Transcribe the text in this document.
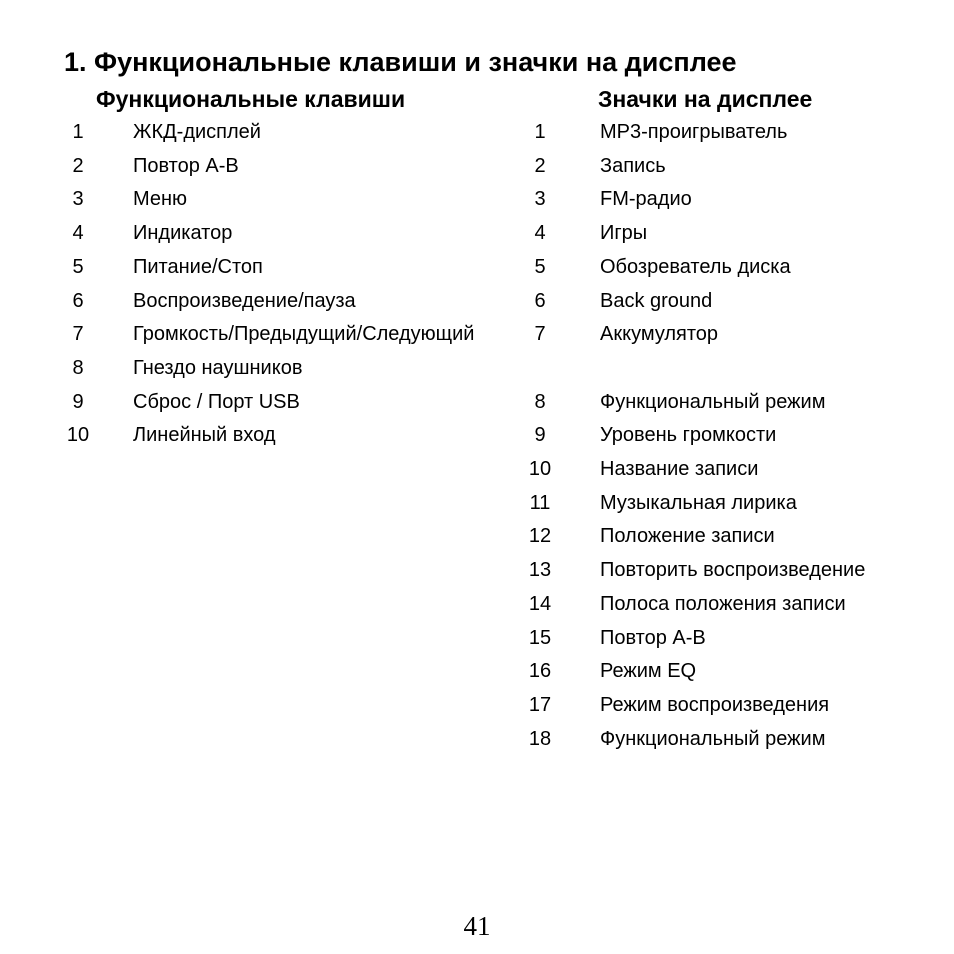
1. Функциональные клавиши и значки на дисплее
Функциональные клавиши	Значки на дисплее
1	ЖКД-дисплей
2	Повтор A-B
3	Меню
4	Индикатор
5	Питание/Стоп
6	Воспроизведение/пауза
7	Громкость/Предыдущий/Следующий
8	Гнездо наушников
9	Сброс / Порт USB
10	Линейный вход
1	MP3-проигрыватель
2	Запись
3	FM-радио
4	Игры
5	Обозреватель диска
6	Back ground
7	Аккумулятор
8	Функциональный режим
9	Уровень громкости
10	Название записи
11	Музыкальная лирика
12	Положение записи
13	Повторить воспроизведение
14	Полоса положения записи
15	Повтор A-B
16	Режим EQ
17	Режим воспроизведения
18	Функциональный режим
41
